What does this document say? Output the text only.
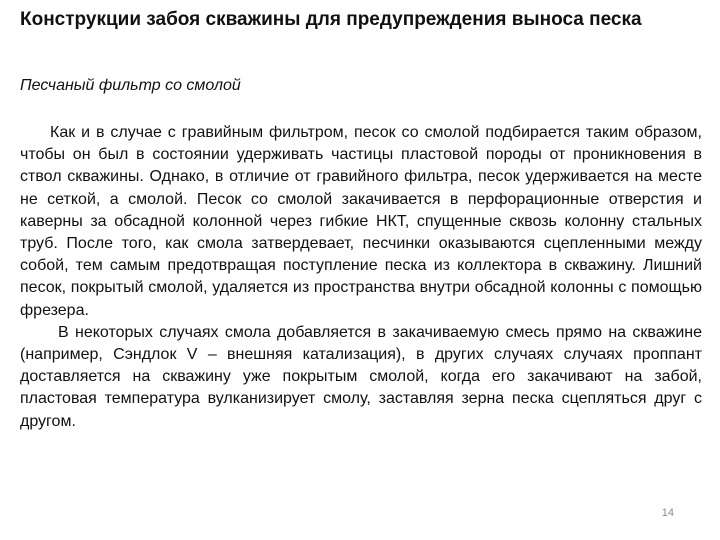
Конструкции забоя скважины для предупреждения выноса песка
Песчаный фильтр со смолой

Как и в случае с гравийным фильтром, песок со смолой подбирается таким образом, чтобы он был в состоянии удерживать частицы пластовой породы от проникновения в ствол скважины. Однако, в отличие от гравийного фильтра, песок удерживается на месте не сеткой, а смолой. Песок со смолой закачивается в перфорационные отверстия и каверны за обсадной колонной через гибкие НКТ, спущенные сквозь колонну стальных труб. После того, как смола затвердевает, песчинки оказываются сцепленными между собой, тем самым предотвращая поступление песка из коллектора в скважину. Лишний песок, покрытый смолой, удаляется из пространства внутри обсадной колонны с помощью фрезера.

В некоторых случаях смола добавляется в закачиваемую смесь прямо на скважине (например, Сэндлок V – внешняя катализация), в других случаях случаях проппант доставляется на скважину уже покрытым смолой, когда его закачивают на забой, пластовая температура вулканизирует смолу, заставляя зерна песка сцепляться друг с другом.

14
